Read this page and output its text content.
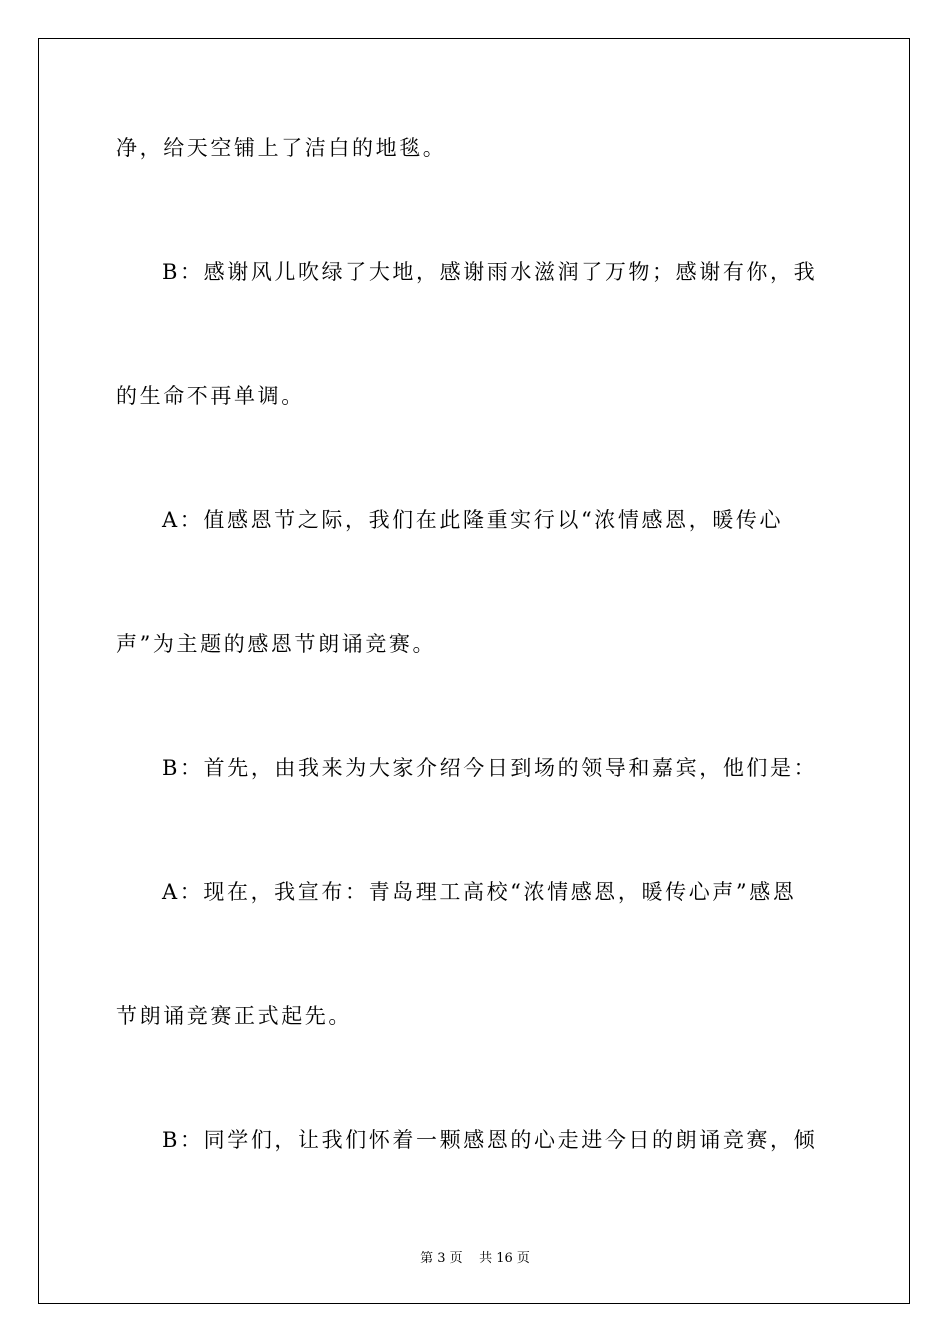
净，给天空铺上了洁白的地毯。
B：感谢风儿吹绿了大地，感谢雨水滋润了万物；感谢有你，我
的生命不再单调。
A：值感恩节之际，我们在此隆重实行以“浓情感恩，暖传心
声”为主题的感恩节朗诵竞赛。
B：首先，由我来为大家介绍今日到场的领导和嘉宾，他们是：
A：现在，我宣布：青岛理工高校“浓情感恩，暖传心声”感恩
节朗诵竞赛正式起先。
B：同学们，让我们怀着一颗感恩的心走进今日的朗诵竞赛，倾
第 3 页    共 16 页
